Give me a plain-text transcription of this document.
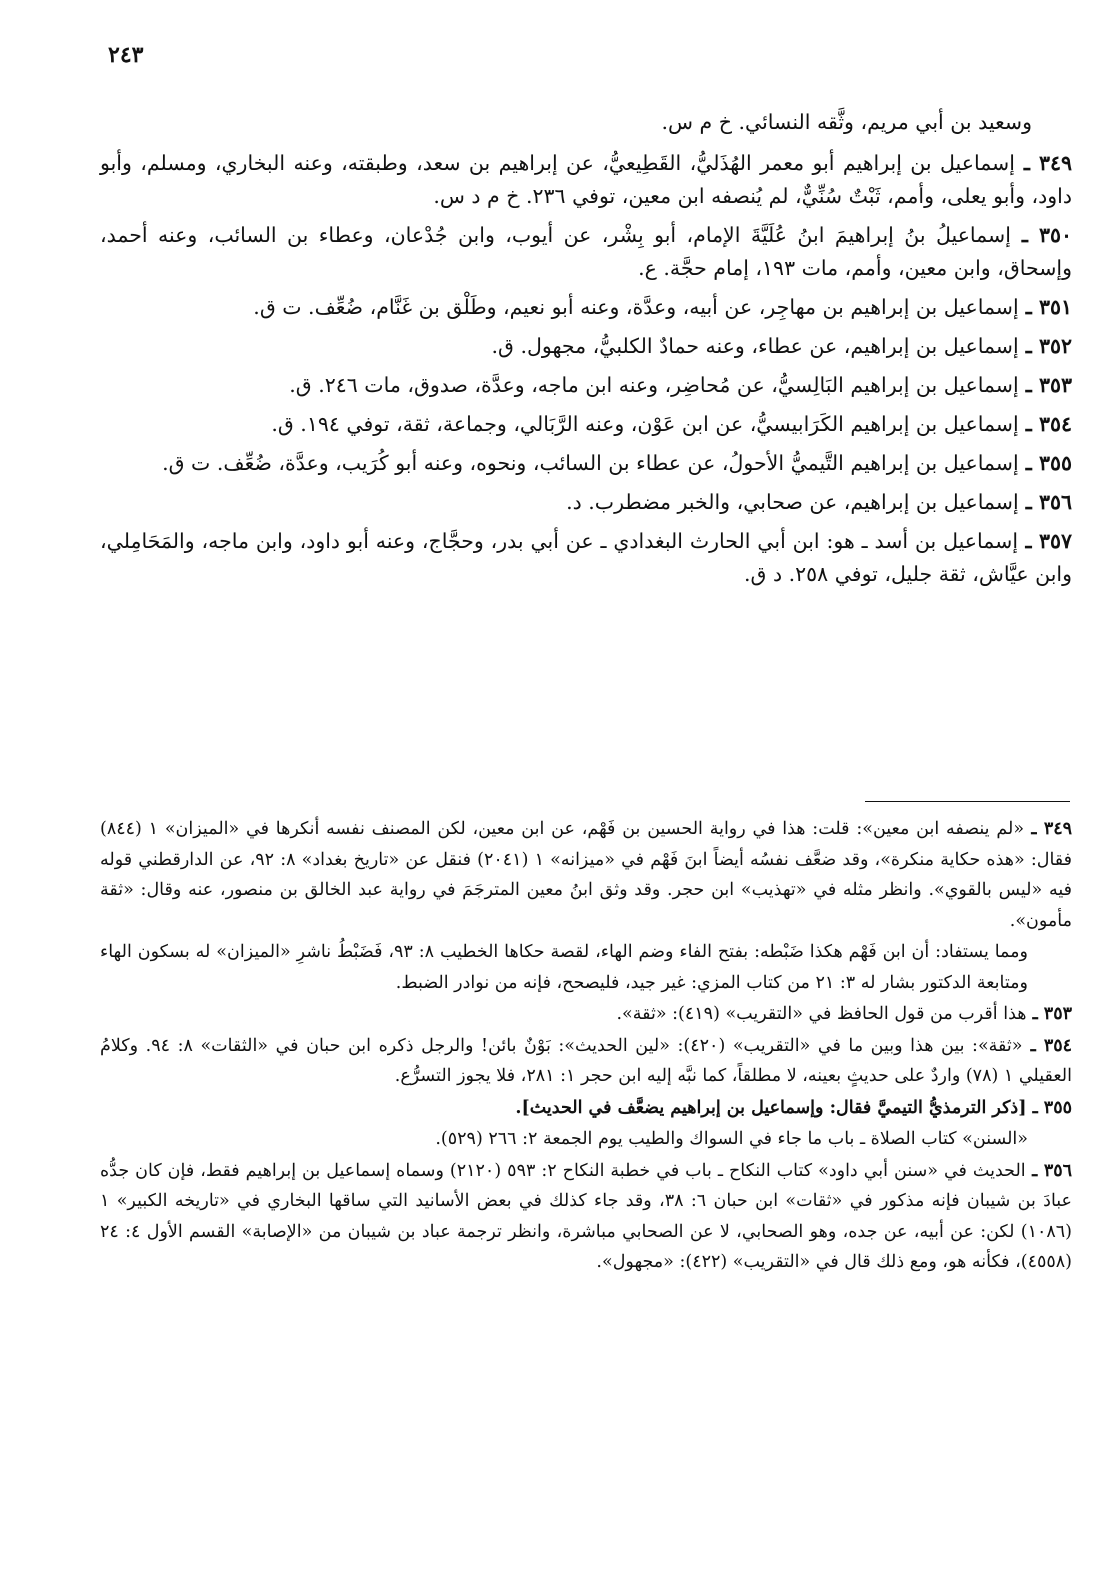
٢٤٣

وسعيد بن أبي مريم، وثَّقه النسائي. خ م س.

٣٤٩ ـ إسماعيل بن إبراهيم أبو معمر الهُذَليُّ، القَطِيعيُّ، عن إبراهيم بن سعد، وطبقته، وعنه البخاري، ومسلم، وأبو داود، وأبو يعلى، وأمم، ثَبْتٌ سُنِّيٌّ، لم يُنصفه ابن معين، توفي ٢٣٦. خ م د س.

٣٥٠ ـ إسماعيلُ بنُ إبراهيمَ ابنُ عُلَيَّةَ الإمام، أبو بِشْر، عن أيوب، وابن جُدْعان، وعطاء بن السائب، وعنه أحمد، وإسحاق، وابن معين، وأمم، مات ١٩٣، إمام حجَّة. ع.

٣٥١ ـ إسماعيل بن إبراهيم بن مهاجِر، عن أبيه، وعدَّة، وعنه أبو نعيم، وطَلْق بن غَنَّام، ضُعِّف. ت ق.

٣٥٢ ـ إسماعيل بن إبراهيم، عن عطاء، وعنه حمادٌ الكلبيُّ، مجهول. ق.

٣٥٣ ـ إسماعيل بن إبراهيم البَالِسيُّ، عن مُحاضِر، وعنه ابن ماجه، وعدَّة، صدوق، مات ٢٤٦. ق.

٣٥٤ ـ إسماعيل بن إبراهيم الكَرَابيسيُّ، عن ابن عَوْن، وعنه الرَّبَالي، وجماعة، ثقة، توفي ١٩٤. ق.

٣٥٥ ـ إسماعيل بن إبراهيم التَّيميُّ الأحولُ، عن عطاء بن السائب، ونحوه، وعنه أبو كُرَيب، وعدَّة، ضُعِّف. ت ق.

٣٥٦ ـ إسماعيل بن إبراهيم، عن صحابي، والخبر مضطرب. د.

٣٥٧ ـ إسماعيل بن أسد ـ هو: ابن أبي الحارث البغدادي ـ عن أبي بدر، وحجَّاج، وعنه أبو داود، وابن ماجه، والمَحَامِلي، وابن عيَّاش، ثقة جليل، توفي ٢٥٨. د ق.

٣٤٩ ـ «لم ينصفه ابن معين»: قلت: هذا في رواية الحسين بن فَهْم، عن ابن معين، لكن المصنف نفسه أنكرها في «الميزان» ١ (٨٤٤) فقال: «هذه حكاية منكرة»، وقد ضعَّف نفسُه أيضاً ابنَ فَهْم في «ميزانه» ١ (٢٠٤١) فنقل عن «تاريخ بغداد» ٨: ٩٢، عن الدارقطني قوله فيه «ليس بالقوي». وانظر مثله في «تهذيب» ابن حجر. وقد وثق ابنُ معين المترجَمَ في رواية عبد الخالق بن منصور، عنه وقال: «ثقة مأمون».

ومما يستفاد: أن ابن فَهْم هكذا ضَبْطه: بفتح الفاء وضم الهاء، لقصة حكاها الخطيب ٨: ٩٣، فَضَبْطُ ناشرِ «الميزان» له بسكون الهاء ومتابعة الدكتور بشار له ٣: ٢١ من كتاب المزي: غير جيد، فليصحح، فإنه من نوادر الضبط.

٣٥٣ ـ هذا أقرب من قول الحافظ في «التقريب» (٤١٩): «ثقة».

٣٥٤ ـ «ثقة»: بين هذا وبين ما في «التقريب» (٤٢٠): «لين الحديث»: بَوْنٌ بائن! والرجل ذكره ابن حبان في «الثقات» ٨: ٩٤. وكلامُ العقيلي ١ (٧٨) واردٌ على حديثٍ بعينه، لا مطلقاً، كما نبَّه إليه ابن حجر ١: ٢٨١، فلا يجوز التسرُّع.

٣٥٥ ـ [ذكر الترمذيُّ التيميَّ فقال: وإسماعيل بن إبراهيم يضعَّف في الحديث].

«السنن» كتاب الصلاة ـ باب ما جاء في السواك والطيب يوم الجمعة ٢: ٢٦٦ (٥٢٩).

٣٥٦ ـ الحديث في «سنن أبي داود» كتاب النكاح ـ باب في خطبة النكاح ٢: ٥٩٣ (٢١٢٠) وسماه إسماعيل بن إبراهيم فقط، فإن كان جدُّه عبادَ بن شيبان فإنه مذكور في «ثقات» ابن حبان ٦: ٣٨، وقد جاء كذلك في بعض الأسانيد التي ساقها البخاري في «تاريخه الكبير» ١ (١٠٨٦) لكن: عن أبيه، عن جده، وهو الصحابي، لا عن الصحابي مباشرة، وانظر ترجمة عباد بن شيبان من «الإصابة» القسم الأول ٤: ٢٤ (٤٥٥٨)، فكأنه هو، ومع ذلك قال في «التقريب» (٤٢٢): «مجهول».
